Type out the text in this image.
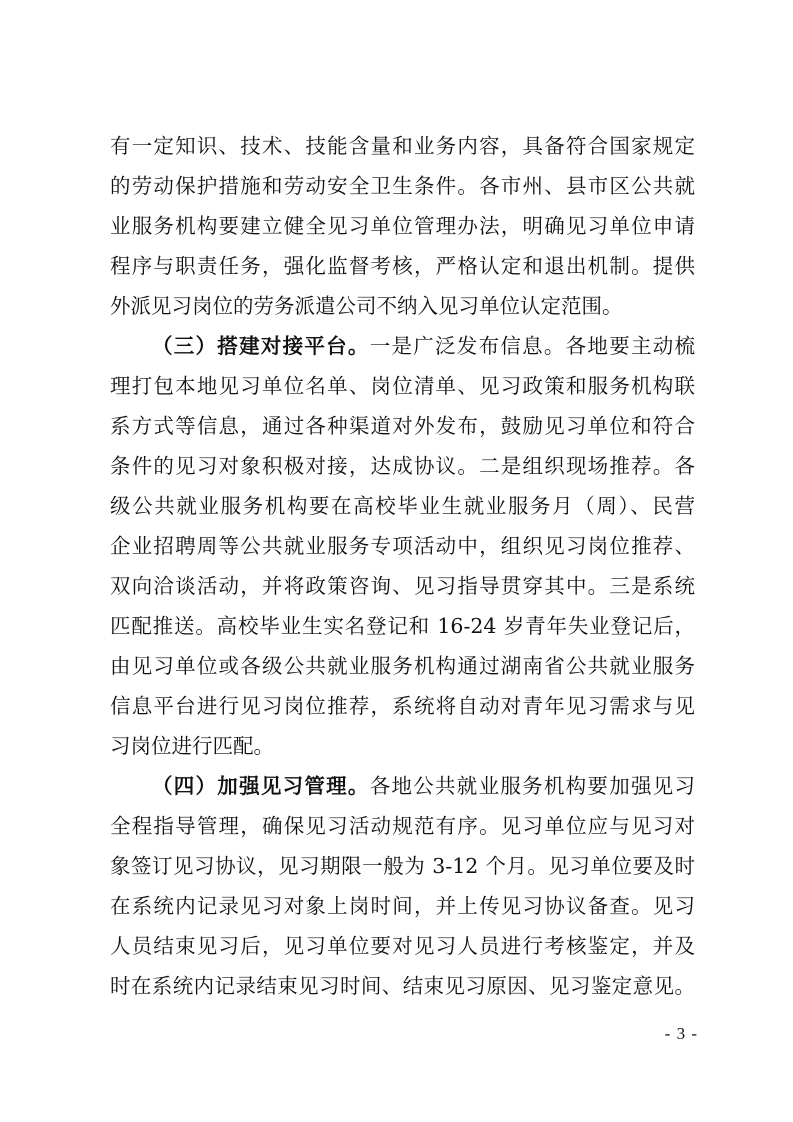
有一定知识、技术、技能含量和业务内容，具备符合国家规定
的劳动保护措施和劳动安全卫生条件。各市州、县市区公共就
业服务机构要建立健全见习单位管理办法，明确见习单位申请
程序与职责任务，强化监督考核，严格认定和退出机制。提供
外派见习岗位的劳务派遣公司不纳入见习单位认定范围。
（三）搭建对接平台。一是广泛发布信息。各地要主动梳
理打包本地见习单位名单、岗位清单、见习政策和服务机构联
系方式等信息，通过各种渠道对外发布，鼓励见习单位和符合
条件的见习对象积极对接，达成协议。二是组织现场推荐。各
级公共就业服务机构要在高校毕业生就业服务月（周）、民营
企业招聘周等公共就业服务专项活动中，组织见习岗位推荐、
双向洽谈活动，并将政策咨询、见习指导贯穿其中。三是系统
匹配推送。高校毕业生实名登记和 16-24 岁青年失业登记后，
由见习单位或各级公共就业服务机构通过湖南省公共就业服务
信息平台进行见习岗位推荐，系统将自动对青年见习需求与见
习岗位进行匹配。
（四）加强见习管理。各地公共就业服务机构要加强见习
全程指导管理，确保见习活动规范有序。见习单位应与见习对
象签订见习协议，见习期限一般为 3-12 个月。见习单位要及时
在系统内记录见习对象上岗时间，并上传见习协议备查。见习
人员结束见习后，见习单位要对见习人员进行考核鉴定，并及
时在系统内记录结束见习时间、结束见习原因、见习鉴定意见。
- 3 -
